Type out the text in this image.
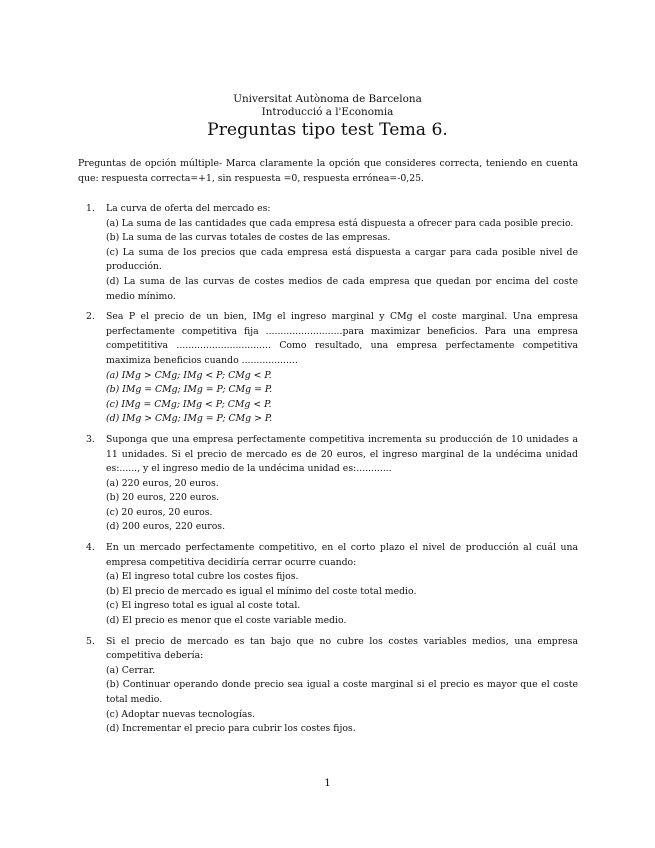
Universitat Autònoma de Barcelona
Introducció a l'Economia
Preguntas tipo test Tema 6.
Preguntas de opción múltiple- Marca claramente la opción que consideres correcta, teniendo en cuenta que: respuesta correcta=+1, sin respuesta =0, respuesta errónea=-0,25.
1. La curva de oferta del mercado es:
(a) La suma de las cantidades que cada empresa está dispuesta a ofrecer para cada posible precio.
(b) La suma de las curvas totales de costes de las empresas.
(c) La suma de los precios que cada empresa está dispuesta a cargar para cada posible nivel de producción.
(d) La suma de las curvas de costes medios de cada empresa que quedan por encima del coste medio mínimo.
2. Sea P el precio de un bien, IMg el ingreso marginal y CMg el coste marginal. Una empresa perfectamente competitiva fija ..........................para maximizar beneficios. Para una empresa competititiva ................................ Como resultado, una empresa perfectamente competitiva maximiza beneficios cuando ...................
(a) IMg > CMg; IMg < P; CMg < P.
(b) IMg = CMg; IMg = P; CMg = P.
(c) IMg = CMg; IMg < P; CMg < P.
(d) IMg > CMg; IMg = P; CMg > P.
3. Suponga que una empresa perfectamente competitiva incrementa su producción de 10 unidades a 11 unidades. Si el precio de mercado es de 20 euros, el ingreso marginal de la undécima unidad es:......, y el ingreso medio de la undécima unidad es:............
(a) 220 euros, 20 euros.
(b) 20 euros, 220 euros.
(c) 20 euros, 20 euros.
(d) 200 euros, 220 euros.
4. En un mercado perfectamente competitivo, en el corto plazo el nivel de producción al cuál una empresa competitiva decidiría cerrar ocurre cuando:
(a) El ingreso total cubre los costes fijos.
(b) El precio de mercado es igual el mínimo del coste total medio.
(c) El ingreso total es igual al coste total.
(d) El precio es menor que el coste variable medio.
5. Si el precio de mercado es tan bajo que no cubre los costes variables medios, una empresa competitiva debería:
(a) Cerrar.
(b) Continuar operando donde precio sea igual a coste marginal si el precio es mayor que el coste total medio.
(c) Adoptar nuevas tecnologías.
(d) Incrementar el precio para cubrir los costes fijos.
1
